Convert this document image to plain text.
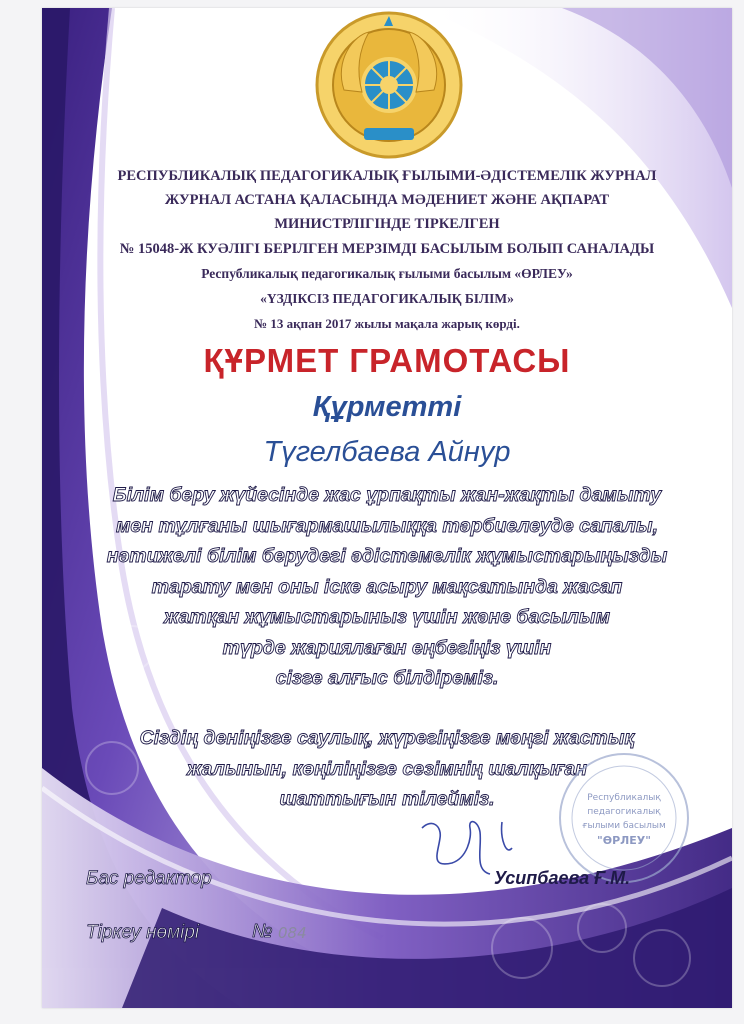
РЕСПУБЛИКАЛЫҚ ПЕДАГОГИКАЛЫҚ ҒЫЛЫМИ-ӘДІСТЕМЕЛІК ЖУРНАЛ
ЖУРНАЛ АСТАНА ҚАЛАСЫНДА МӘДЕНИЕТ ЖӘНЕ АҚПАРАТ
МИНИСТРЛІГІНДЕ ТІРКЕЛГЕН
№ 15048-Ж КУӘЛІГІ БЕРІЛГЕН МЕРЗІМДІ БАСЫЛЫМ БОЛЫП САНАЛАДЫ
Республикалық педагогикалық ғылыми басылым «ӨРЛЕУ»
«ҮЗДІКСІЗ ПЕДАГОГИКАЛЫҚ БІЛІМ»
№ 13 ақпан 2017 жылы мақала жарық көрді.
ҚҰРМЕТ ГРАМОТАСЫ
Құрметті
Түгелбаева Айнур
Білім беру жүйесінде жас ұрпақты жан-жақты дамыту
мен тұлғаны шығармашылыққа тәрбиелеуде сапалы,
нәтижелі білім берудегі әдістемелік жұмыстарыңызды
тарату мен оны іске асыру мақсатында жасап
жатқан жұмыстарыныз үшін және басылым
түрде жариялаған еңбегіңіз үшін
сізге алғыс білдіреміз.
Сіздің денiңізге саулық, жүрегіңізге мәңгі жастық
жалынын, көңіліңізге сезімнің шалқыған
шаттығын тілейміз.	Республикалық
педагогикалық
ғылыми басылым
"ӨРЛЕУ"
Бас редактор	Усипбаева Ғ.М.
Тіркеу нөмірі	№ 084
